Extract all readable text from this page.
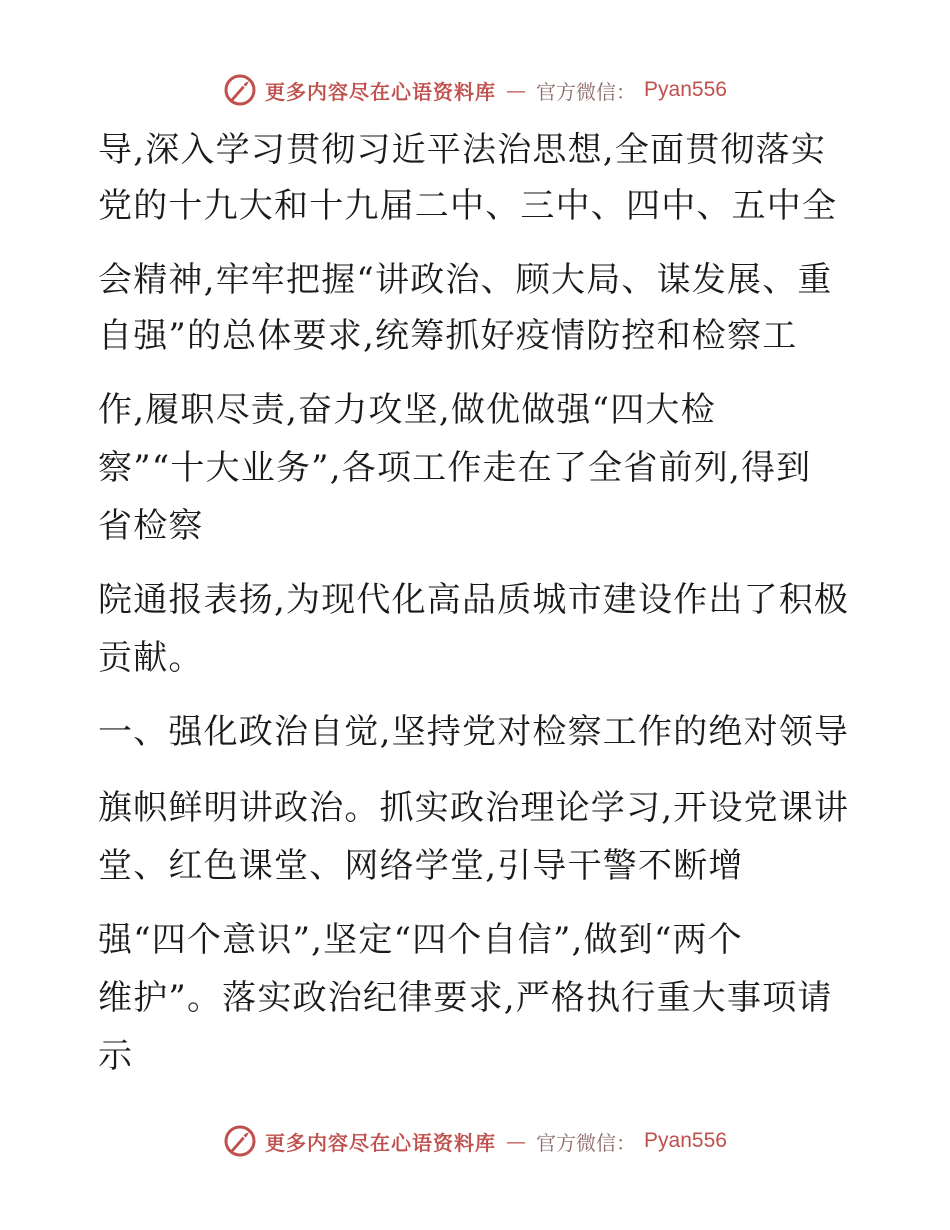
更多内容尽在心语资料库 — 官方微信： Pyan556
导,深入学习贯彻习近平法治思想,全面贯彻落实
党的十九大和十九届二中、三中、四中、五中全
会精神,牢牢把握“讲政治、顾大局、谋发展、重
自强”的总体要求,统筹抓好疫情防控和检察工
作,履职尽责,奋力攻坚,做优做强“四大检
察”“十大业务”,各项工作走在了全省前列,得到
省检察
院通报表扬,为现代化高品质城市建设作出了积极
贡献。
一、强化政治自觉,坚持党对检察工作的绝对领导
旗帜鲜明讲政治。抓实政治理论学习,开设党课讲
堂、红色课堂、网络学堂,引导干警不断增
强“四个意识”,坚定“四个自信”,做到“两个
维护”。落实政治纪律要求,严格执行重大事项请
示
更多内容尽在心语资料库 — 官方微信： Pyan556
